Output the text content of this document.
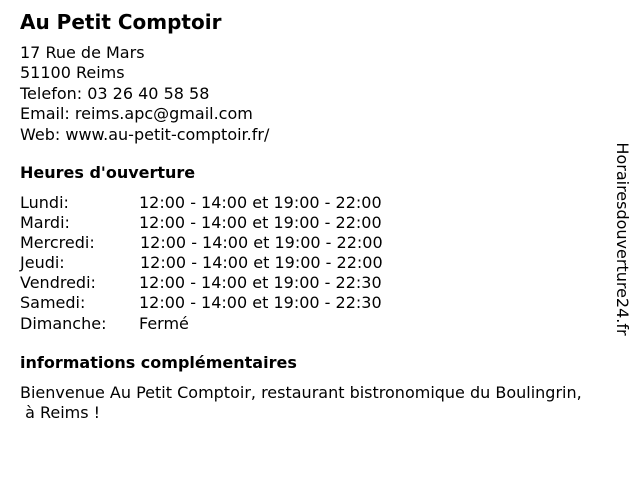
Au Petit Comptoir
17 Rue de Mars
51100 Reims
Telefon: 03 26 40 58 58
Email: reims.apc@gmail.com
Web: www.au-petit-comptoir.fr/
Heures d'ouverture
Lundi:	12:00 - 14:00 et 19:00 - 22:00
Mardi:	12:00 - 14:00 et 19:00 - 22:00
Mercredi:	12:00 - 14:00 et 19:00 - 22:00
Jeudi:	12:00 - 14:00 et 19:00 - 22:00
Vendredi:	12:00 - 14:00 et 19:00 - 22:30
Samedi:	12:00 - 14:00 et 19:00 - 22:30
Dimanche: Fermé
informations complémentaires
Bienvenue Au Petit Comptoir, restaurant bistronomique du Boulingrin,
à Reims !
Horairesdouverture24.fr
